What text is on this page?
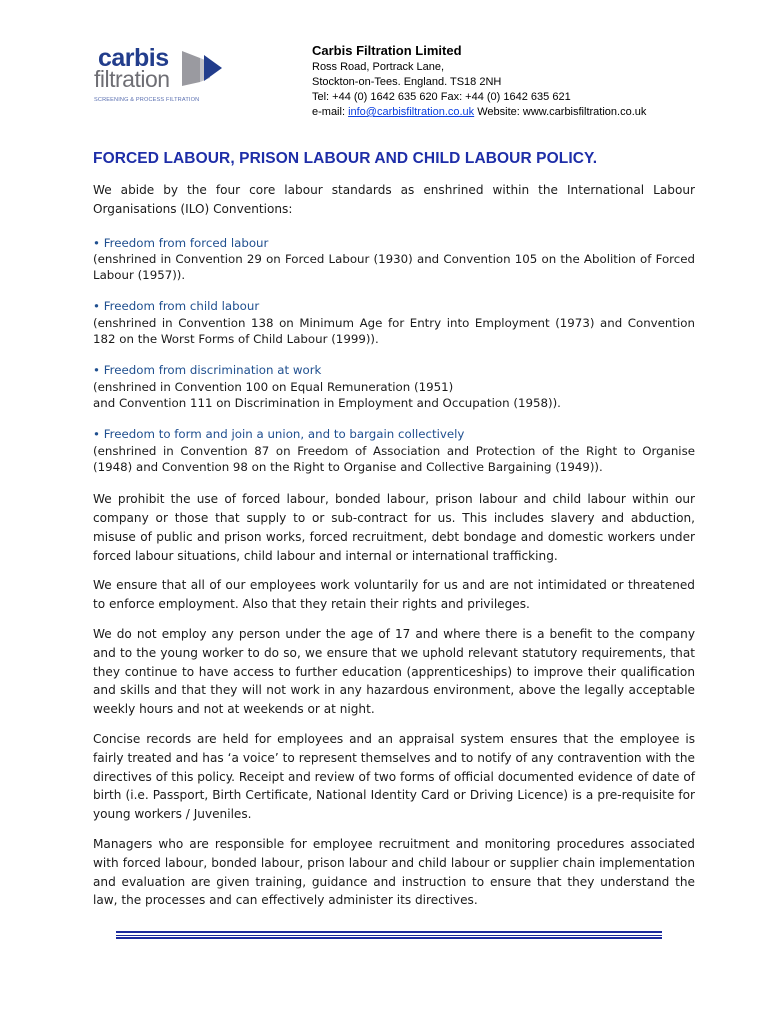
carbis
filtration
SCREENING & PROCESS FILTRATION
Carbis Filtration Limited
Ross Road, Portrack Lane,
Stockton-on-Tees. England. TS18 2NH
Tel: +44 (0) 1642 635 620 Fax: +44 (0) 1642 635 621
e-mail: info@carbisfiltration.co.uk Website: www.carbisfiltration.co.uk
FORCED LABOUR, PRISON LABOUR AND CHILD LABOUR POLICY.

We abide by the four core labour standards as enshrined within the International Labour Organisations (ILO) Conventions:

• Freedom from forced labour
(enshrined in Convention 29 on Forced Labour (1930) and Convention 105 on the Abolition of Forced Labour (1957)).
• Freedom from child labour
(enshrined in Convention 138 on Minimum Age for Entry into Employment (1973) and Convention 182 on the Worst Forms of Child Labour (1999)).
• Freedom from discrimination at work
(enshrined in Convention 100 on Equal Remuneration (1951)
and Convention 111 on Discrimination in Employment and Occupation (1958)).
• Freedom to form and join a union, and to bargain collectively
(enshrined in Convention 87 on Freedom of Association and Protection of the Right to Organise (1948) and Convention 98 on the Right to Organise and Collective Bargaining (1949)).

We prohibit the use of forced labour, bonded labour, prison labour and child labour within our company or those that supply to or sub-contract for us. This includes slavery and abduction, misuse of public and prison works, forced recruitment, debt bondage and domestic workers under forced labour situations, child labour and internal or international trafficking.

We ensure that all of our employees work voluntarily for us and are not intimidated or threatened to enforce employment. Also that they retain their rights and privileges.

We do not employ any person under the age of 17 and where there is a benefit to the company and to the young worker to do so, we ensure that we uphold relevant statutory requirements, that they continue to have access to further education (apprenticeships) to improve their qualification and skills and that they will not work in any hazardous environment, above the legally acceptable weekly hours and not at weekends or at night.

Concise records are held for employees and an appraisal system ensures that the employee is fairly treated and has ‘a voice’ to represent themselves and to notify of any contravention with the directives of this policy. Receipt and review of two forms of official documented evidence of date of birth (i.e. Passport, Birth Certificate, National Identity Card or Driving Licence) is a pre-requisite for young workers / Juveniles.

Managers who are responsible for employee recruitment and monitoring procedures associated with forced labour, bonded labour, prison labour and child labour or supplier chain implementation and evaluation are given training, guidance and instruction to ensure that they understand the law, the processes and can effectively administer its directives.
